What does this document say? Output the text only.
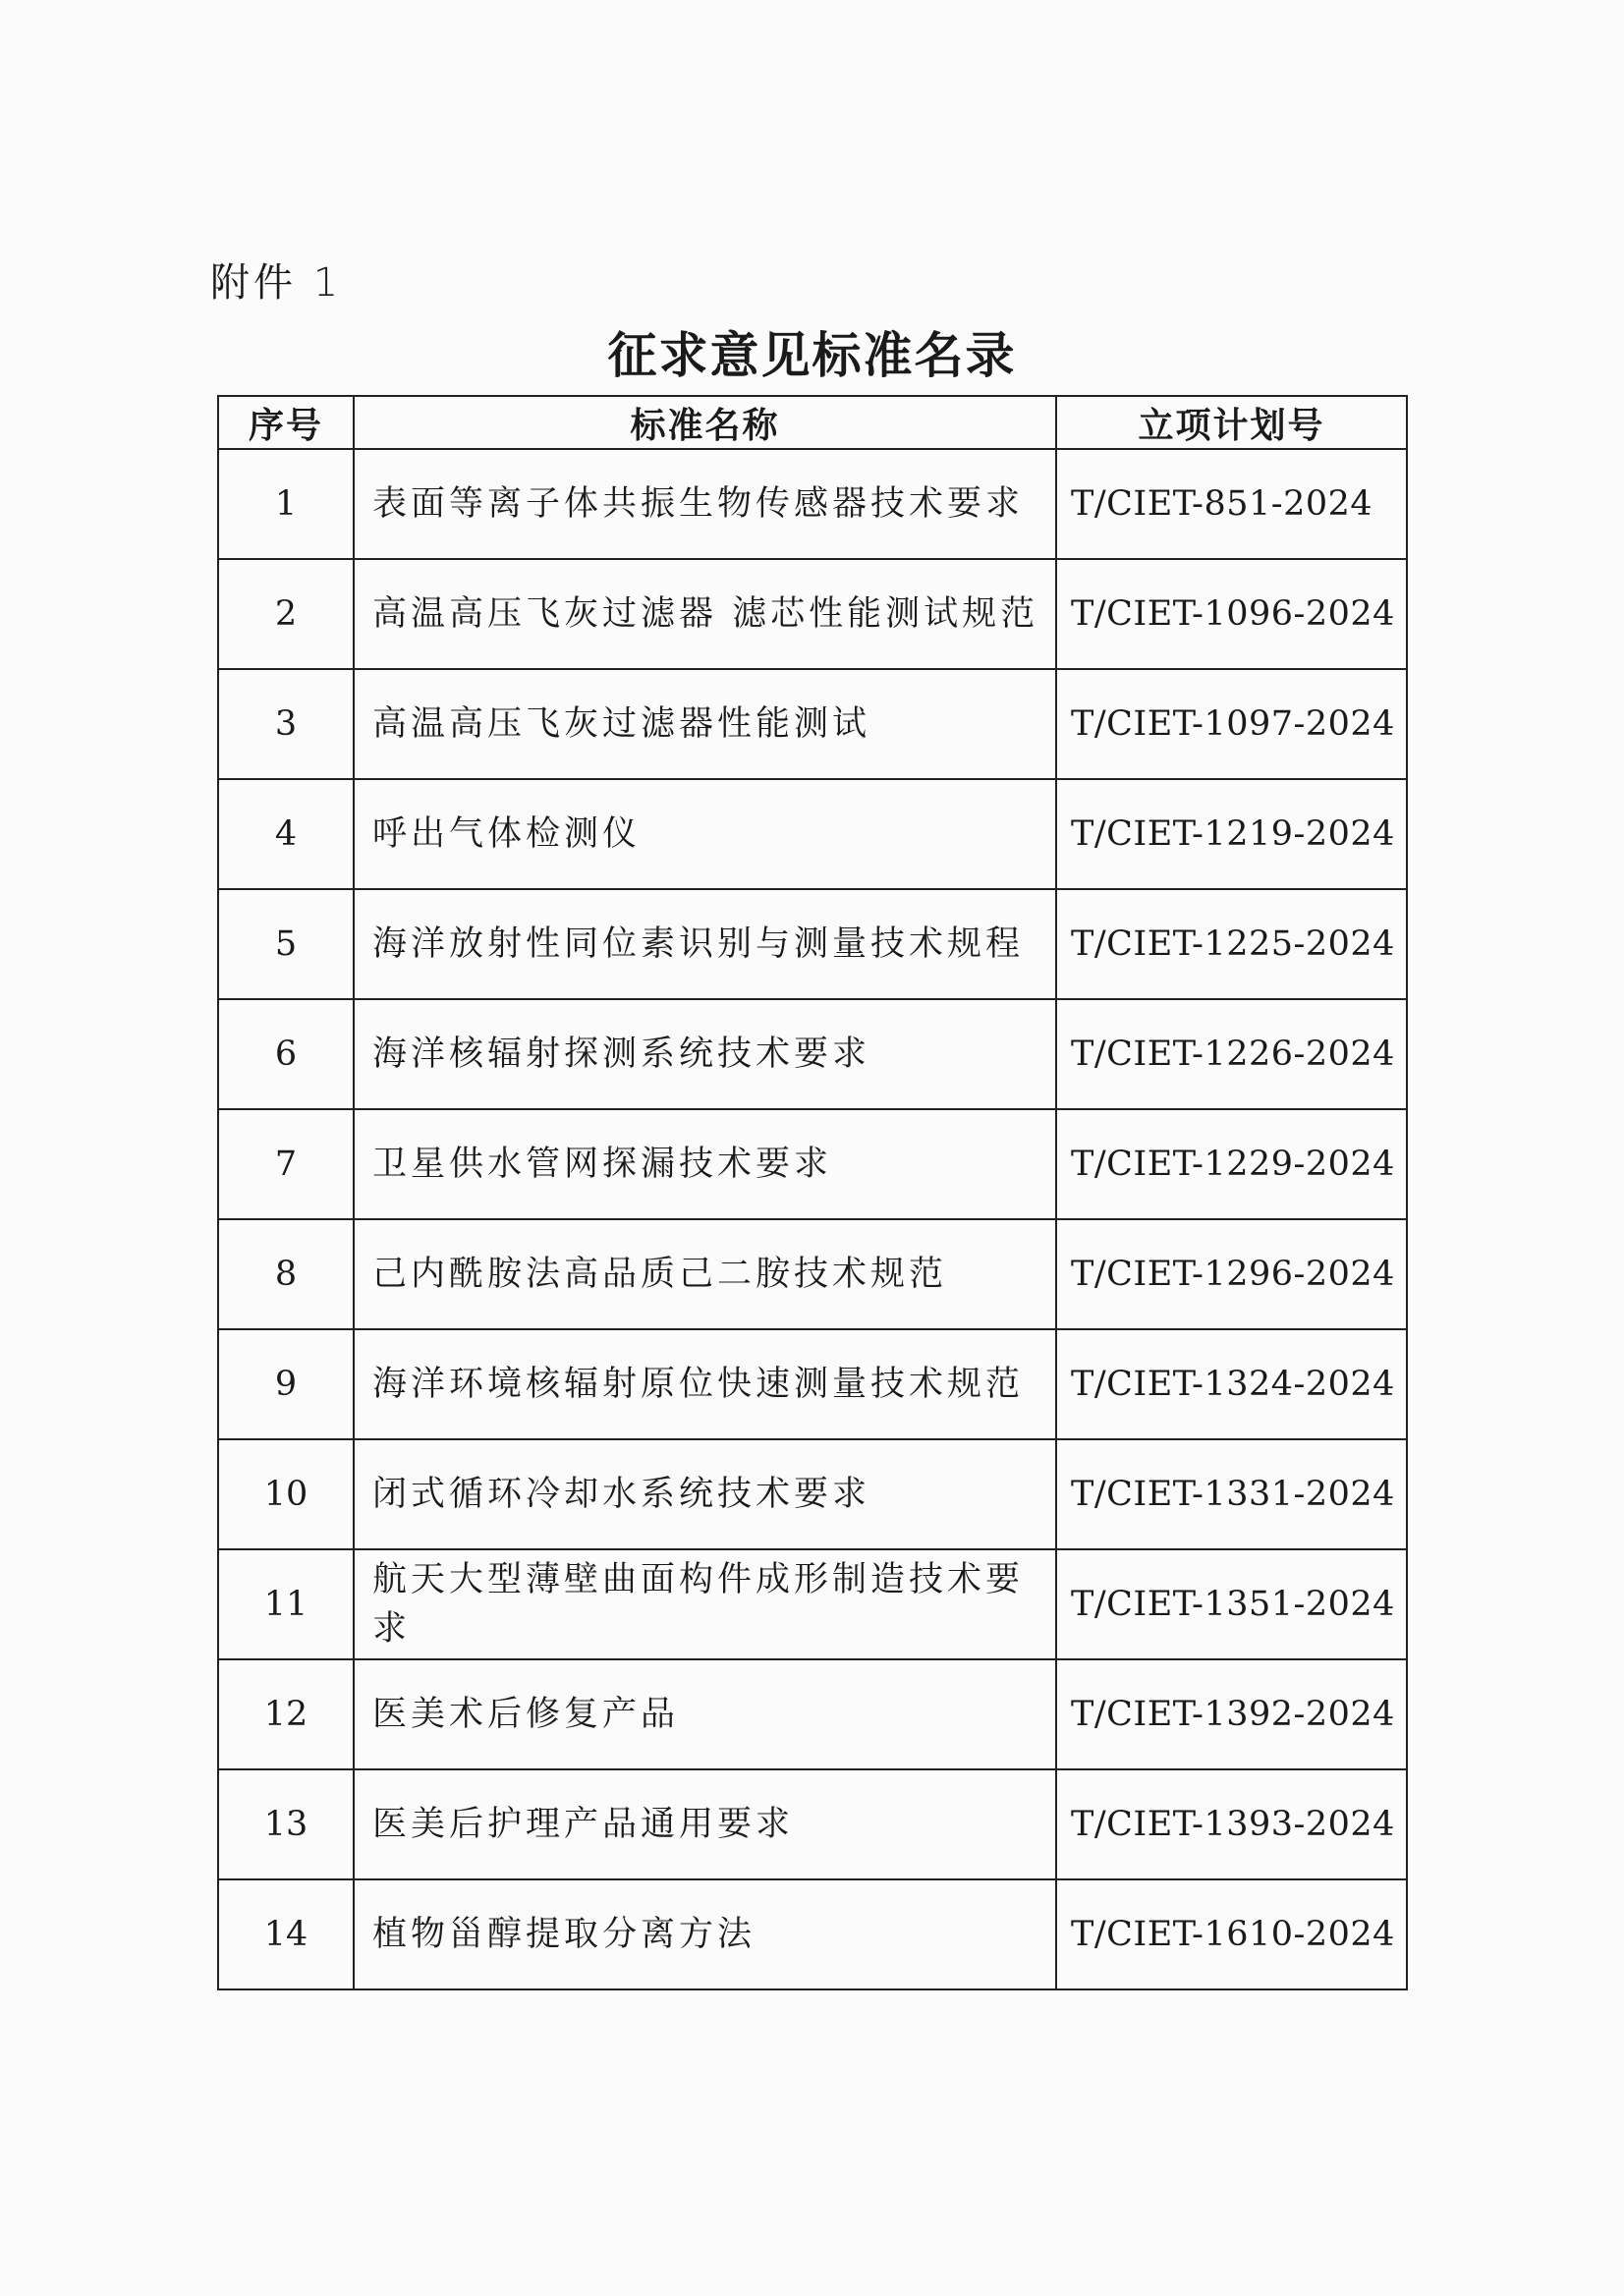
附件 1
征求意见标准名录
序号	标准名称	立项计划号
1	表面等离子体共振生物传感器技术要求	T/CIET-851-2024
2	高温高压飞灰过滤器 滤芯性能测试规范	T/CIET-1096-2024
3	高温高压飞灰过滤器性能测试	T/CIET-1097-2024
4	呼出气体检测仪	T/CIET-1219-2024
5	海洋放射性同位素识别与测量技术规程	T/CIET-1225-2024
6	海洋核辐射探测系统技术要求	T/CIET-1226-2024
7	卫星供水管网探漏技术要求	T/CIET-1229-2024
8	己内酰胺法高品质己二胺技术规范	T/CIET-1296-2024
9	海洋环境核辐射原位快速测量技术规范	T/CIET-1324-2024
10	闭式循环冷却水系统技术要求	T/CIET-1331-2024
11	航天大型薄壁曲面构件成形制造技术要求	T/CIET-1351-2024
12	医美术后修复产品	T/CIET-1392-2024
13	医美后护理产品通用要求	T/CIET-1393-2024
14	植物甾醇提取分离方法	T/CIET-1610-2024
